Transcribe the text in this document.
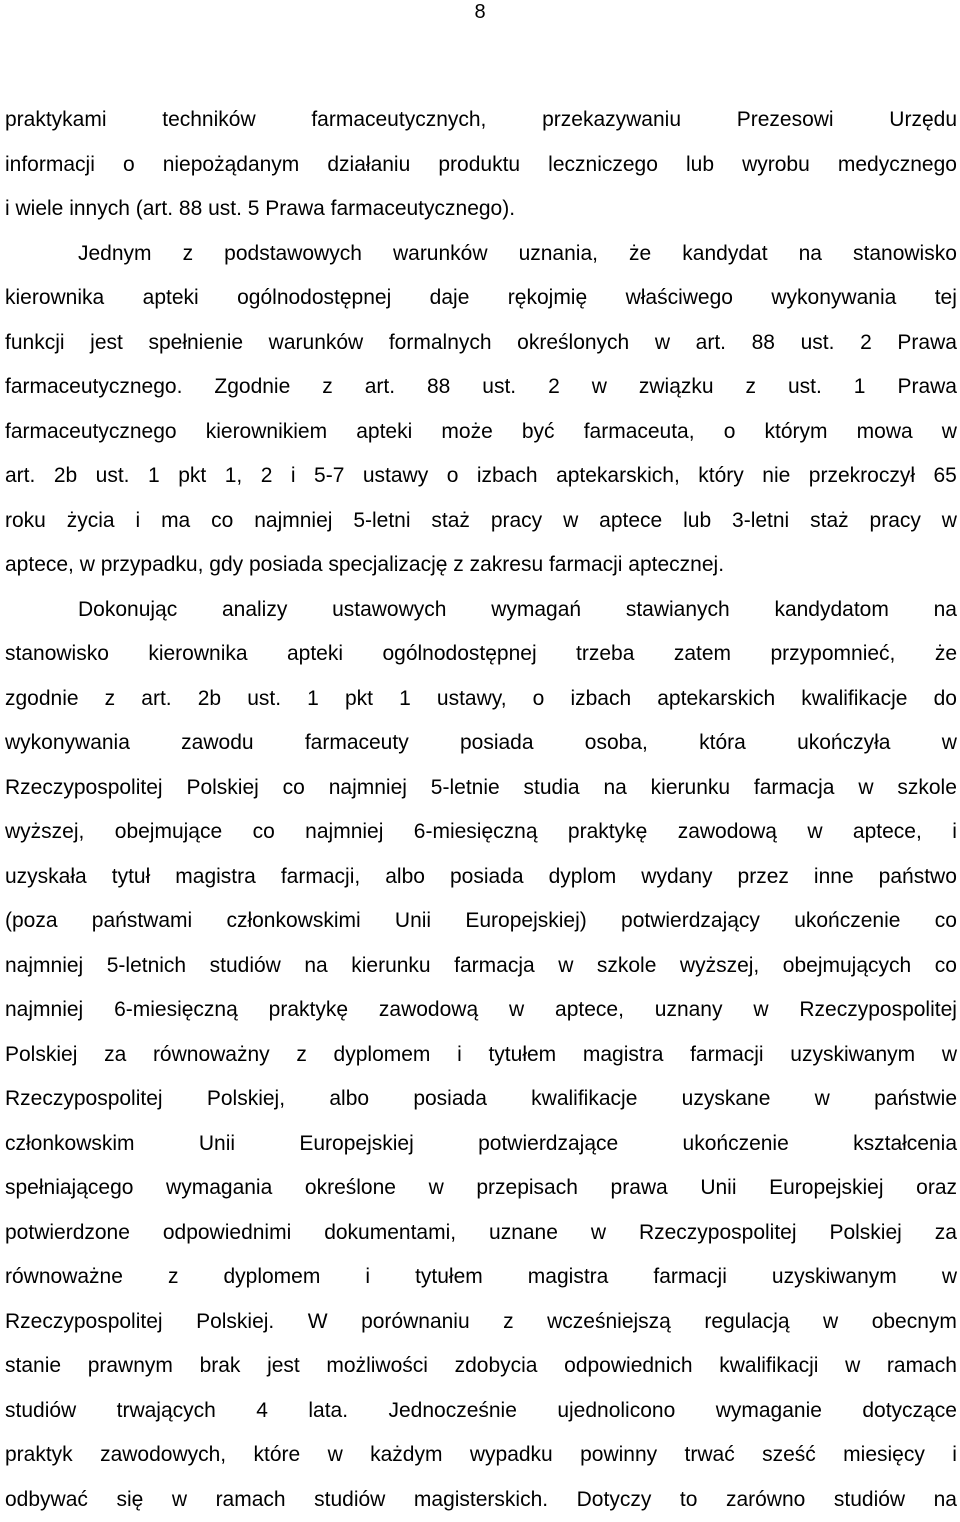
8
praktykami	techników	farmaceutycznych,	przekazywaniu	Prezesowi	Urzędu
informacji o niepożądanym działaniu produktu leczniczego lub wyrobu medycznego
i wiele innych (art. 88 ust. 5 Prawa farmaceutycznego).
Jednym z podstawowych warunków uznania, że kandydat na stanowisko
kierownika apteki ogólnodostępnej daje rękojmię właściwego wykonywania tej
funkcji jest spełnienie warunków formalnych określonych w art. 88 ust. 2 Prawa
farmaceutycznego. Zgodnie z art. 88 ust. 2 w związku z ust. 1 Prawa
farmaceutycznego kierownikiem apteki może być farmaceuta, o którym mowa w
art. 2b ust. 1 pkt 1, 2 i 5-7 ustawy o izbach aptekarskich, który nie przekroczył 65
roku życia i ma co najmniej 5-letni staż pracy w aptece lub 3-letni staż pracy w
aptece, w przypadku, gdy posiada specjalizację z zakresu farmacji aptecznej.
Dokonując analizy ustawowych wymagań stawianych kandydatom na
stanowisko kierownika apteki ogólnodostępnej trzeba zatem przypomnieć, że
zgodnie z art. 2b ust. 1 pkt 1 ustawy, o izbach aptekarskich kwalifikacje do
wykonywania zawodu farmaceuty posiada osoba, która ukończyła w
Rzeczypospolitej Polskiej co najmniej 5-letnie studia na kierunku farmacja w szkole
wyższej, obejmujące co najmniej 6-miesięczną praktykę zawodową w aptece, i
uzyskała tytuł magistra farmacji, albo posiada dyplom wydany przez inne państwo
(poza państwami członkowskimi Unii Europejskiej) potwierdzający ukończenie co
najmniej 5-letnich studiów na kierunku farmacja w szkole wyższej, obejmujących co
najmniej 6-miesięczną praktykę zawodową w aptece, uznany w Rzeczypospolitej
Polskiej za równoważny z dyplomem i tytułem magistra farmacji uzyskiwanym w
Rzeczypospolitej Polskiej, albo posiada kwalifikacje uzyskane w państwie
członkowskim	Unii	Europejskiej	potwierdzające	ukończenie	kształcenia
spełniającego wymagania określone w przepisach prawa Unii Europejskiej oraz
potwierdzone odpowiednimi dokumentami, uznane w Rzeczypospolitej Polskiej za
równoważne z dyplomem i tytułem magistra farmacji uzyskiwanym w
Rzeczypospolitej Polskiej. W porównaniu z wcześniejszą regulacją w obecnym
stanie prawnym brak jest możliwości zdobycia odpowiednich kwalifikacji w ramach
studiów trwających 4 lata. Jednocześnie ujednolicono wymaganie dotyczące
praktyk zawodowych, które w każdym wypadku powinny trwać sześć miesięcy i
odbywać się w ramach studiów magisterskich. Dotyczy to zarówno studiów na
